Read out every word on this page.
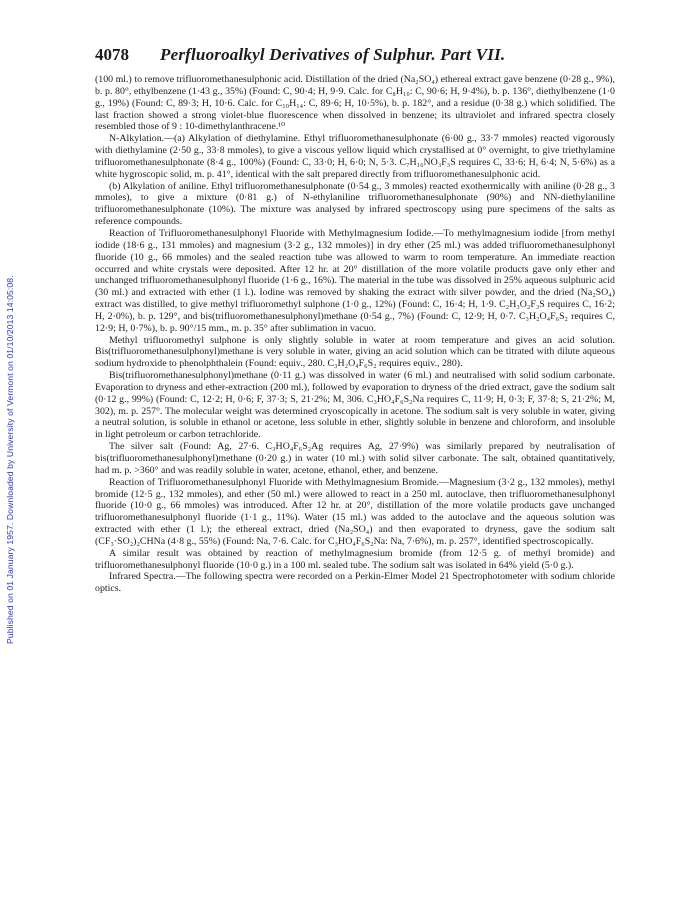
Published on 01 January 1957. Downloaded by University of Vermont on 01/10/2013 14:05:08.
4078 Perfluoroalkyl Derivatives of Sulphur. Part VII.

(100 ml.) to remove trifluoromethanesulphonic acid. Distillation of the dried (Na₂SO₄) ethereal extract gave benzene (0·28 g., 9%), b. p. 80°, ethylbenzene (1·43 g., 35%) (Found: C, 90·4; H, 9·9. Calc. for C₈H₁₀: C, 90·6; H, 9·4%), b. p. 136°, diethylbenzene (1·0 g., 19%) (Found: C, 89·3; H, 10·6. Calc. for C₁₀H₁₄: C, 89·6; H, 10·5%), b. p. 182°, and a residue (0·38 g.) which solidified. The last fraction showed a strong violet-blue fluorescence when dissolved in benzene; its ultraviolet and infrared spectra closely resembled those of 9 : 10-dimethylanthracene.¹⁰

N-Alkylation.—(a) Alkylation of diethylamine. Ethyl trifluoromethanesulphonate (6·00 g., 33·7 mmoles) reacted vigorously with diethylamine (2·50 g., 33·8 mmoles), to give a viscous yellow liquid which crystallised at 0° overnight, to give triethylamine trifluoromethanesulphonate (8·4 g., 100%) (Found: C, 33·0; H, 6·0; N, 5·3. C₇H₁₆NO₃F₃S requires C, 33·6; H, 6·4; N, 5·6%) as a white hygroscopic solid, m. p. 41°, identical with the salt prepared directly from trifluoromethanesulphonic acid.

(b) Alkylation of aniline. Ethyl trifluoromethanesulphonate (0·54 g., 3 mmoles) reacted exothermically with aniline (0·28 g., 3 mmoles), to give a mixture (0·81 g.) of N-ethylaniline trifluoromethanesulphonate (90%) and NN-diethylaniline trifluoromethanesulphonate (10%). The mixture was analysed by infrared spectroscopy using pure specimens of the salts as reference compounds.

Reaction of Trifluoromethanesulphonyl Fluoride with Methylmagnesium Iodide.—To methylmagnesium iodide [from methyl iodide (18·6 g., 131 mmoles) and magnesium (3·2 g., 132 mmoles)] in dry ether (25 ml.) was added trifluoromethanesulphonyl fluoride (10 g., 66 mmoles) and the sealed reaction tube was allowed to warm to room temperature. An immediate reaction occurred and white crystals were deposited. After 12 hr. at 20° distillation of the more volatile products gave only ether and unchanged trifluoromethanesulphonyl fluoride (1·6 g., 16%). The material in the tube was dissolved in 25% aqueous sulphuric acid (30 ml.) and extracted with ether (1 l.). Iodine was removed by shaking the extract with silver powder, and the dried (Na₂SO₄) extract was distilled, to give methyl trifluoromethyl sulphone (1·0 g., 12%) (Found: C, 16·4; H, 1·9. C₂H₃O₂F₃S requires C, 16·2; H, 2·0%), b. p. 129°, and bis(trifluoromethanesulphonyl)methane (0·54 g., 7%) (Found: C, 12·9; H, 0·7. C₃H₂O₄F₆S₂ requires C, 12·9; H, 0·7%), b. p. 90°/15 mm., m. p. 35° after sublimation in vacuo.

Methyl trifluoromethyl sulphone is only slightly soluble in water at room temperature and gives an acid solution. Bis(trifluoromethanesulphonyl)methane is very soluble in water, giving an acid solution which can be titrated with dilute aqueous sodium hydroxide to phenolphthalein (Found: equiv., 280. C₃H₂O₄F₆S₂ requires equiv., 280).

Bis(trifluoromethanesulphonyl)methane (0·11 g.) was dissolved in water (6 ml.) and neutralised with solid sodium carbonate. Evaporation to dryness and ether-extraction (200 ml.), followed by evaporation to dryness of the dried extract, gave the sodium salt (0·12 g., 99%) (Found: C, 12·2; H, 0·6; F, 37·3; S, 21·2%; M, 306. C₃HO₄F₆S₂Na requires C, 11·9; H, 0·3; F, 37·8; S, 21·2%; M, 302), m. p. 257°. The molecular weight was determined cryoscopically in acetone. The sodium salt is very soluble in water, giving a neutral solution, is soluble in ethanol or acetone, less soluble in ether, slightly soluble in benzene and chloroform, and insoluble in light petroleum or carbon tetrachloride.

The silver salt (Found: Ag, 27·6. C₃HO₄F₆S₂Ag requires Ag, 27·9%) was similarly prepared by neutralisation of bis(trifluoromethanesulphonyl)methane (0·20 g.) in water (10 ml.) with solid silver carbonate. The salt, obtained quantitatively, had m. p. >360° and was readily soluble in water, acetone, ethanol, ether, and benzene.

Reaction of Trifluoromethanesulphonyl Fluoride with Methylmagnesium Bromide.—Magnesium (3·2 g., 132 mmoles), methyl bromide (12·5 g., 132 mmoles), and ether (50 ml.) were allowed to react in a 250 ml. autoclave, then trifluoromethanesulphonyl fluoride (10·0 g., 66 mmoles) was introduced. After 12 hr. at 20°, distillation of the more volatile products gave unchanged trifluoromethanesulphonyl fluoride (1·1 g., 11%). Water (15 ml.) was added to the autoclave and the aqueous solution was extracted with ether (1 l.); the ethereal extract, dried (Na₂SO₄) and then evaporated to dryness, gave the sodium salt (CF₃·SO₂)₂CHNa (4·8 g., 55%) (Found: Na, 7·6. Calc. for C₃HO₄F₆S₂Na: Na, 7·6%), m. p. 257°, identified spectroscopically.

A similar result was obtained by reaction of methylmagnesium bromide (from 12·5 g. of methyl bromide) and trifluoromethanesulphonyl fluoride (10·0 g.) in a 100 ml. sealed tube. The sodium salt was isolated in 64% yield (5·0 g.).

Infrared Spectra.—The following spectra were recorded on a Perkin-Elmer Model 21 Spectrophotometer with sodium chloride optics.
